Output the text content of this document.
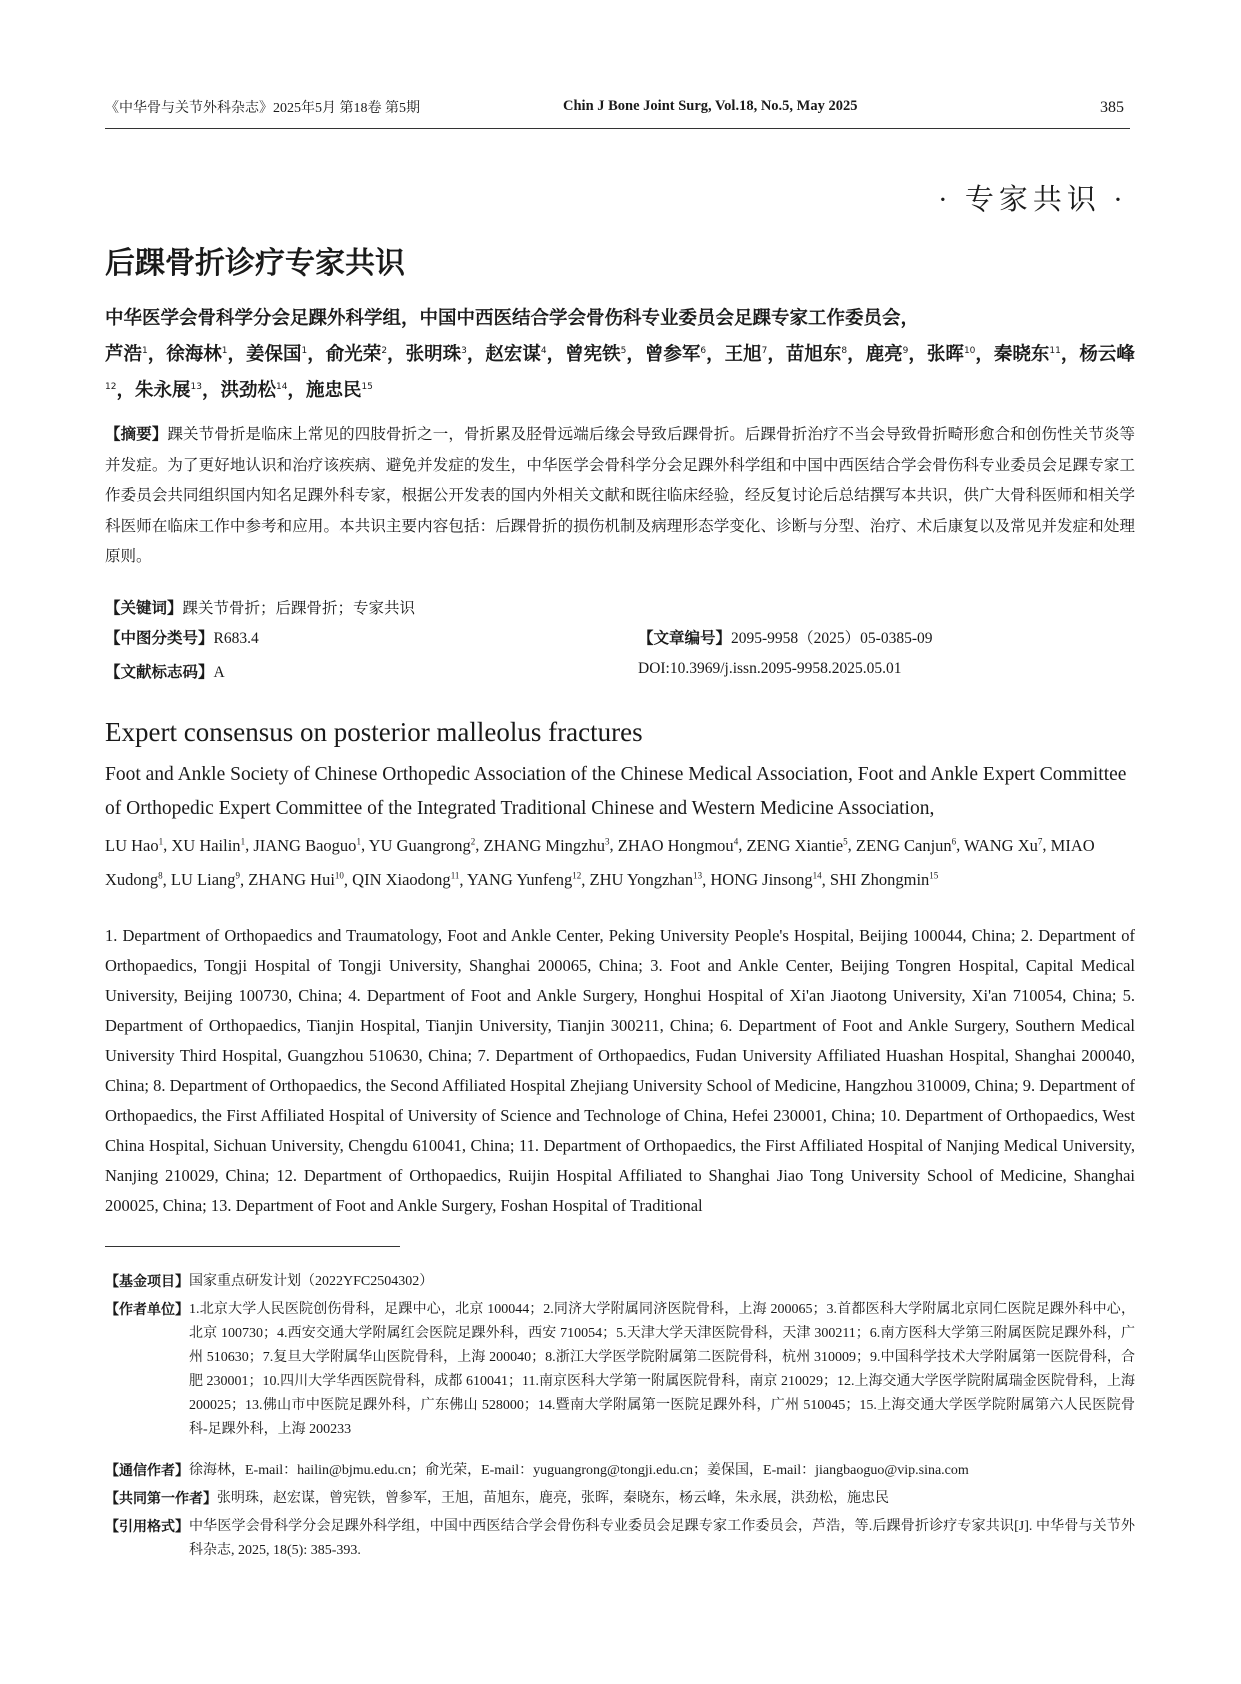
《中华骨与关节外科杂志》2025年5月 第18卷 第5期	Chin J Bone Joint Surg, Vol.18, No.5, May 2025	385
· 专家共识 ·
后踝骨折诊疗专家共识
中华医学会骨科学分会足踝外科学组，中国中西医结合学会骨伤科专业委员会足踝专家工作委员会，
芦浩$^1$，徐海林$^1$，姜保国$^1$，俞光荣$^2$，张明珠$^3$，赵宏谋$^4$，曾宪铁$^5$，曾参军$^6$，王旭$^7$，苗旭东$^8$，鹿亮$^9$，张晖$^{10}$，秦晓东$^{11}$，杨云峰$^{12}$，朱永展$^{13}$，洪劲松$^{14}$，施忠民$^{15}$
【摘要】踝关节骨折是临床上常见的四肢骨折之一，骨折累及胫骨远端后缘会导致后踝骨折。后踝骨折治疗不当会导致骨折畸形愈合和创伤性关节炎等并发症。为了更好地认识和治疗该疾病、避免并发症的发生，中华医学会骨科学分会足踝外科学组和中国中西医结合学会骨伤科专业委员会足踝专家工作委员会共同组织国内知名足踝外科专家，根据公开发表的国内外相关文献和既往临床经验，经反复讨论后总结撰写本共识，供广大骨科医师和相关学科医师在临床工作中参考和应用。本共识主要内容包括：后踝骨折的损伤机制及病理形态学变化、诊断与分型、治疗、术后康复以及常见并发症和处理原则。
【关键词】踝关节骨折；后踝骨折；专家共识
【中图分类号】R683.4
【文献标志码】A
【文章编号】2095-9958（2025）05-0385-09
DOI:10.3969/j.issn.2095-9958.2025.05.01
Expert consensus on posterior malleolus fractures
Foot and Ankle Society of Chinese Orthopedic Association of the Chinese Medical Association, Foot and Ankle Expert Committee of Orthopedic Expert Committee of the Integrated Traditional Chinese and Western Medicine Association,
LU Hao$^1$, XU Hailin$^1$, JIANG Baoguo$^1$, YU Guangrong$^2$, ZHANG Mingzhu$^3$, ZHAO Hongmou$^4$, ZENG Xiantie$^5$, ZENG Canjun$^6$, WANG Xu$^7$, MIAO Xudong$^8$, LU Liang$^9$, ZHANG Hui$^{10}$, QIN Xiaodong$^{11}$, YANG Yunfeng$^{12}$, ZHU Yongzhan$^{13}$, HONG Jinsong$^{14}$, SHI Zhongmin$^{15}$
1. Department of Orthopaedics and Traumatology, Foot and Ankle Center, Peking University People's Hospital, Beijing 100044, China; 2. Department of Orthopaedics, Tongji Hospital of Tongji University, Shanghai 200065, China; 3. Foot and Ankle Center, Beijing Tongren Hospital, Capital Medical University, Beijing 100730, China; 4. Department of Foot and Ankle Surgery, Honghui Hospital of Xi'an Jiaotong University, Xi'an 710054, China; 5. Department of Orthopaedics, Tianjin Hospital, Tianjin University, Tianjin 300211, China; 6. Department of Foot and Ankle Surgery, Southern Medical University Third Hospital, Guangzhou 510630, China; 7. Department of Orthopaedics, Fudan University Affiliated Huashan Hospital, Shanghai 200040, China; 8. Department of Orthopaedics, the Second Affiliated Hospital Zhejiang University School of Medicine, Hangzhou 310009, China; 9. Department of Orthopaedics, the First Affiliated Hospital of University of Science and Technologe of China, Hefei 230001, China; 10. Department of Orthopaedics, West China Hospital, Sichuan University, Chengdu 610041, China; 11. Department of Orthopaedics, the First Affiliated Hospital of Nanjing Medical University, Nanjing 210029, China; 12. Department of Orthopaedics, Ruijin Hospital Affiliated to Shanghai Jiao Tong University School of Medicine, Shanghai 200025, China; 13. Department of Foot and Ankle Surgery, Foshan Hospital of Traditional
【基金项目】 国家重点研发计划（2022YFC2504302）
【作者单位】 1.北京大学人民医院创伤骨科，足踝中心，北京 100044；2.同济大学附属同济医院骨科，上海 200065；3.首都医科大学附属北京同仁医院足踝外科中心，北京 100730；4.西安交通大学附属红会医院足踝外科，西安 710054；5.天津大学天津医院骨科，天津 300211；6.南方医科大学第三附属医院足踝外科，广州 510630；7.复旦大学附属华山医院骨科，上海 200040；8.浙江大学医学院附属第二医院骨科，杭州 310009；9.中国科学技术大学附属第一医院骨科，合肥 230001；10.四川大学华西医院骨科，成都 610041；11.南京医科大学第一附属医院骨科，南京 210029；12.上海交通大学医学院附属瑞金医院骨科，上海 200025；13.佛山市中医院足踝外科，广东佛山 528000；14.暨南大学附属第一医院足踝外科，广州 510045；15.上海交通大学医学院附属第六人民医院骨科-足踝外科，上海 200233
【通信作者】 徐海林，E-mail：hailin@bjmu.edu.cn；俞光荣，E-mail：yuguangrong@tongji.edu.cn；姜保国，E-mail：jiangbaoguo@vip.sina.com
【共同第一作者】 张明珠，赵宏谋，曾宪铁，曾参军，王旭，苗旭东，鹿亮，张晖，秦晓东，杨云峰，朱永展，洪劲松，施忠民
【引用格式】 中华医学会骨科学分会足踝外科学组，中国中西医结合学会骨伤科专业委员会足踝专家工作委员会，芦浩，等.后踝骨折诊疗专家共识[J]. 中华骨与关节外科杂志, 2025, 18(5): 385-393.
